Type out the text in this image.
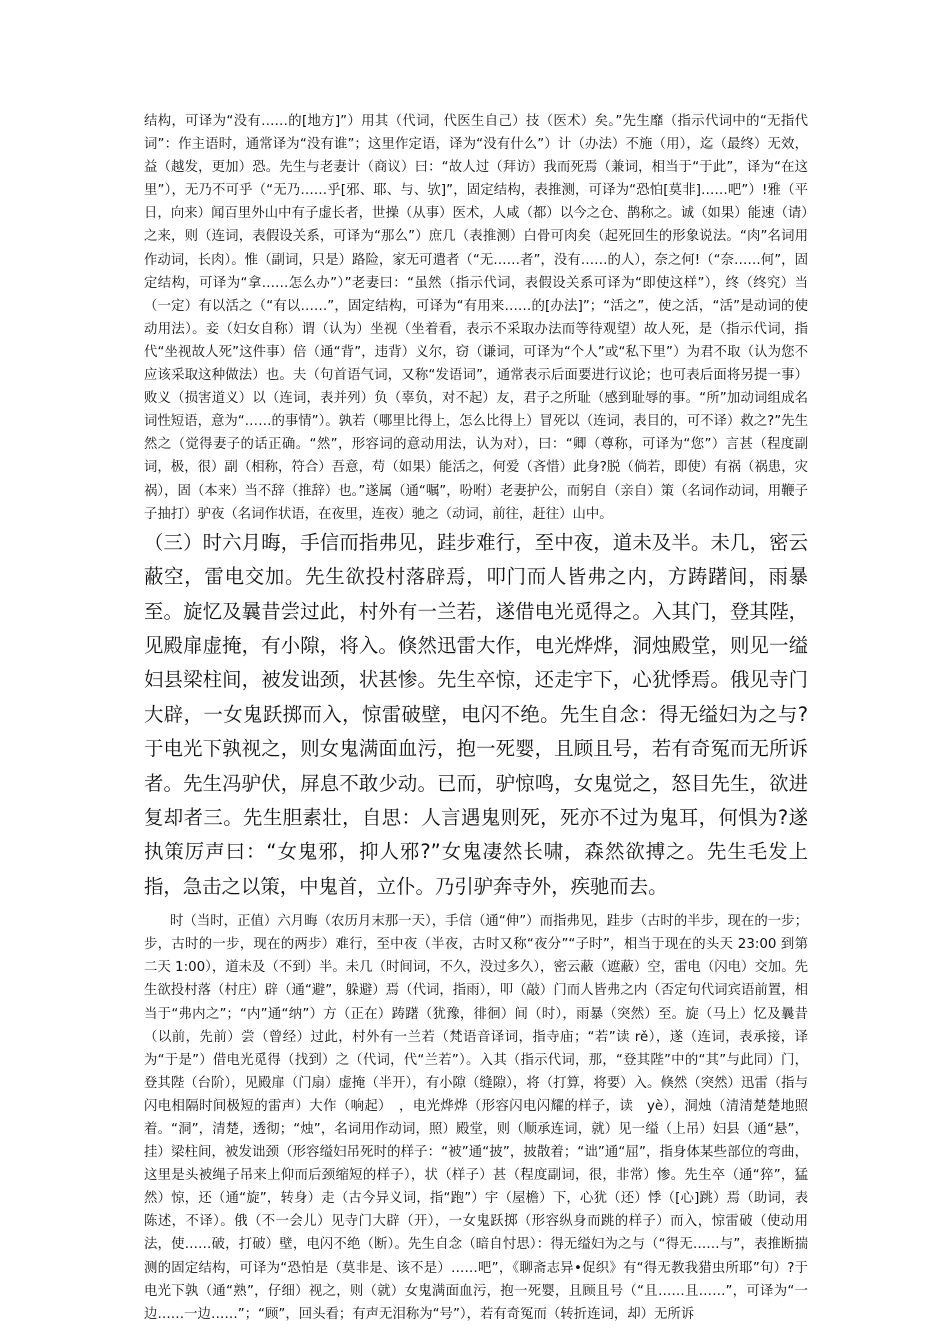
结构，可译为“没有……的[地方]”）用其（代词，代医生自己）技（医术）矣。”先生靡（指示代词中的“无指代词”：作主语时，通常译为“没有谁”；这里作定语，译为“没有什么”）计（办法）不施（用），迄（最终）无效，益（越发，更加）恐。先生与老妻计（商议）曰：“故人过（拜访）我而死焉（兼词，相当于“于此”，译为“在这里”），无乃不可乎（“无乃……乎[邪、耶、与、欤]”，固定结构，表推测，可译为“恐怕[莫非]……吧”）!雅（平日，向来）闻百里外山中有子虚长者，世操（从事）医术，人咸（都）以今之仓、鹊称之。诚（如果）能速（请）之来，则（连词，表假设关系，可译为“那么”）庶几（表推测）白骨可肉矣（起死回生的形象说法。“肉”名词用作动词，长肉）。惟（副词，只是）路险，家无可遣者（“无……者”，没有……的人），奈之何!（“奈……何”，固定结构，可译为“拿……怎么办”）”老妻曰：“虽然（指示代词，表假设关系可译为“即使这样”），终（终究）当（一定）有以活之（“有以……”，固定结构，可译为“有用来……的[办法]”；“活之”，使之活，“活”是动词的使动用法）。妾（妇女自称）谓（认为）坐视（坐着看，表示不采取办法而等待观望）故人死，是（指示代词，指代“坐视故人死”这件事）倍（通“背”，违背）义尔，窃（谦词，可译为“个人”或“私下里”）为君不取（认为您不应该采取这种做法）也。夫（句首语气词，又称“发语词”，通常表示后面要进行议论；也可表后面将另提一事）败义（损害道义）以（连词，表并列）负（辜负，对不起）友，君子之所耻（感到耻辱的事。“所”加动词组成名词性短语，意为“……的事情”）。孰若（哪里比得上，怎么比得上）冒死以（连词，表目的，可不译）救之?”先生然之（觉得妻子的话正确。“然”，形容词的意动用法，认为对），曰：“卿（尊称，可译为“您”）言甚（程度副词，极，很）副（相称，符合）吾意，苟（如果）能活之，何爱（吝惜）此身?脱（倘若，即使）有祸（祸患，灾祸），固（本来）当不辞（推辞）也。”遂属（通“嘱”，吩咐）老妻护公，而躬自（亲自）策（名词作动词，用鞭子子抽打）驴夜（名词作状语，在夜里，连夜）驰之（动词，前往，赶往）山中。

（三）时六月晦，手信而指弗见，跬步难行，至中夜，道未及半。未几，密云蔽空，雷电交加。先生欲投村落辟焉，叩门而人皆弗之内，方踌躇间，雨暴至。旋忆及曩昔尝过此，村外有一兰若，遂借电光觅得之。入其门，登其陛，见殿扉虚掩，有小隙，将入。倏然迅雷大作，电光烨烨，洞烛殿堂，则见一缢妇县梁柱间，被发诎颈，状甚惨。先生卒惊，还走宇下，心犹悸焉。俄见寺门大辟，一女鬼跃掷而入，惊雷破壁，电闪不绝。先生自念：得无缢妇为之与?于电光下孰视之，则女鬼满面血污，抱一死婴，且顾且号，若有奇冤而无所诉者。先生冯驴伏，屏息不敢少动。已而，驴惊鸣，女鬼觉之，怒目先生，欲进复却者三。先生胆素壮，自思：人言遇鬼则死，死亦不过为鬼耳，何惧为?遂执策厉声曰：“女鬼邪，抑人邪?”女鬼凄然长啸，森然欲搏之。先生毛发上指，急击之以策，中鬼首，立仆。乃引驴奔寺外，疾驰而去。

时（当时，正值）六月晦（农历月末那一天），手信（通“伸”）而指弗见，跬步（古时的半步，现在的一步；步，古时的一步，现在的两步）难行，至中夜（半夜，古时又称“夜分”“子时”，相当于现在的头天 23:00 到第二天 1:00），道未及（不到）半。未几（时间词，不久，没过多久），密云蔽（遮蔽）空，雷电（闪电）交加。先生欲投村落（村庄）辟（通“避”，躲避）焉（代词，指雨），叩（敲）门而人皆弗之内（否定句代词宾语前置，相当于“弗内之”；“内”通“纳”）方（正在）踌躇（犹豫，徘徊）间（时），雨暴（突然）至。旋（马上）忆及曩昔（以前，先前）尝（曾经）过此，村外有一兰若（梵语音译词，指寺庙；“若”读 rě），遂（连词，表承接，译为“于是”）借电光觅得（找到）之（代词，代“兰若”）。入其（指示代词，那，“登其陛”中的“其”与此同）门，登其陛（台阶），见殿扉（门扇）虚掩（半开），有小隙（缝隙），将（打算，将要）入。倏然（突然）迅雷（指与闪电相隔时间极短的雷声）大作（响起）　，电光烨烨（形容闪电闪耀的样子，读　yè），洞烛（清清楚楚地照着。“洞”，清楚，透彻；“烛”，名词用作动词，照）殿堂，则（顺承连词，就）见一缢（上吊）妇县（通“悬”，挂）梁柱间，被发诎颈（形容缢妇吊死时的样子：“被”通“披”，披散着；“诎”通“屈”，指身体某些部位的弯曲，这里是头被绳子吊来上仰而后颈缩短的样子），状（样子）甚（程度副词，很，非常）惨。先生卒（通“猝”，猛然）惊，还（通“旋”，转身）走（古今异义词，指“跑”）宇（屋檐）下，心犹（还）悸（[心]跳）焉（助词，表陈述，不译）。俄（不一会儿）见寺门大辟（开），一女鬼跃掷（形容纵身而跳的样子）而入，惊雷破（使动用法，使……破，打破）壁，电闪不绝（断）。先生自念（暗自忖思）：得无缢妇为之与（“得无……与”，表推断揣测的固定结构，可译为“恐怕是（莫非是、该不是）……吧”，《聊斋志异•促织》有“得无教我猎虫所耶”句）?于电光下孰（通“熟”，仔细）视之，则（就）女鬼满面血污，抱一死婴，且顾且号（“且……且……”，可译为“一边……一边……”；“顾”，回头看；有声无泪称为“号”），若有奇冤而（转折连词，却）无所诉
